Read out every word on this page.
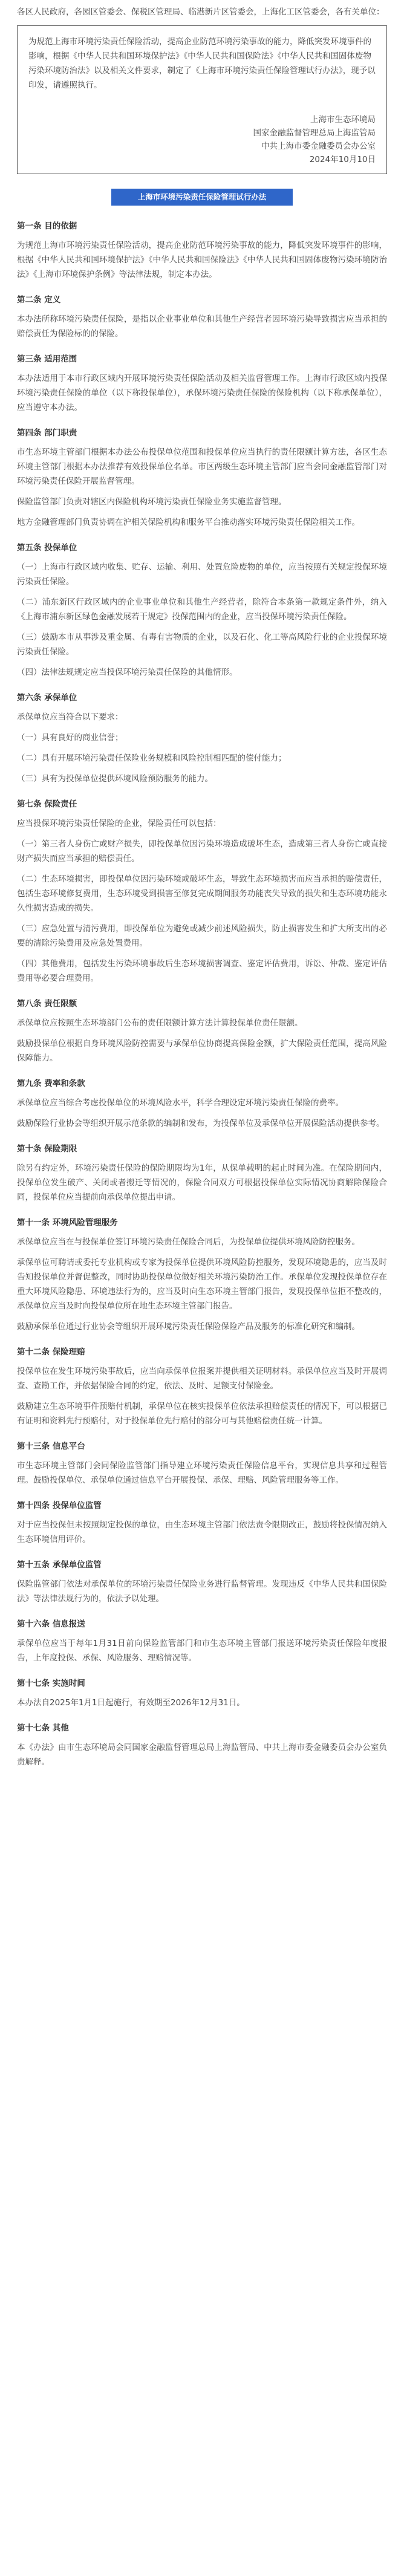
各区人民政府，各园区管委会、保税区管理局、临港新片区管委会，上海化工区管委会，各有关单位：

为规范上海市环境污染责任保险活动，提高企业防范环境污染事故的能力，降低突发环境事件的影响，根据《中华人民共和国环境保护法》《中华人民共和国保险法》《中华人民共和国固体废物污染环境防治法》以及相关文件要求，制定了《上海市环境污染责任保险管理试行办法》，现予以印发，请遵照执行。

上海市生态环境局
国家金融监督管理总局上海监管局
中共上海市委金融委员会办公室
2024年10月10日
上海市环境污染责任保险管理试行办法
第一条 目的依据

为规范上海市环境污染责任保险活动，提高企业防范环境污染事故的能力，降低突发环境事件的影响，根据《中华人民共和国环境保护法》《中华人民共和国保险法》《中华人民共和国固体废物污染环境防治法》《上海市环境保护条例》等法律法规，制定本办法。

第二条 定义

本办法所称环境污染责任保险，是指以企业事业单位和其他生产经营者因环境污染导致损害应当承担的赔偿责任为保险标的的保险。

第三条 适用范围

本办法适用于本市行政区域内开展环境污染责任保险活动及相关监督管理工作。上海市行政区域内投保环境污染责任保险的单位（以下称投保单位），承保环境污染责任保险的保险机构（以下称承保单位），应当遵守本办法。

第四条 部门职责

市生态环境主管部门根据本办法公布投保单位范围和投保单位应当执行的责任限额计算方法，各区生态环境主管部门根据本办法推荐有效投保单位名单。市区两级生态环境主管部门应当会同金融监管部门对环境污染责任保险开展监督管理。

保险监管部门负责对辖区内保险机构环境污染责任保险业务实施监督管理。

地方金融管理部门负责协调在沪相关保险机构和服务平台推动落实环境污染责任保险相关工作。

第五条 投保单位

（一）上海市行政区域内收集、贮存、运输、利用、处置危险废物的单位，应当按照有关规定投保环境污染责任保险。

（二）浦东新区行政区域内的企业事业单位和其他生产经营者，除符合本条第一款规定条件外，纳入《上海市浦东新区绿色金融发展若干规定》投保范围内的企业，应当投保环境污染责任保险。

（三）鼓励本市从事涉及重金属、有毒有害物质的企业，以及石化、化工等高风险行业的企业投保环境污染责任保险。

（四）法律法规规定应当投保环境污染责任保险的其他情形。

第六条 承保单位

承保单位应当符合以下要求：

（一）具有良好的商业信誉；

（二）具有开展环境污染责任保险业务规模和风险控制相匹配的偿付能力；

（三）具有为投保单位提供环境风险预防服务的能力。

第七条 保险责任

应当投保环境污染责任保险的企业，保险责任可以包括：

（一）第三者人身伤亡或财产损失，即投保单位因污染环境造成破坏生态，造成第三者人身伤亡或直接财产损失而应当承担的赔偿责任。

（二）生态环境损害，即投保单位因污染环境或破坏生态，导致生态环境损害而应当承担的赔偿责任，包括生态环境修复费用，生态环境受到损害至修复完成期间服务功能丧失导致的损失和生态环境功能永久性损害造成的损失。

（三）应急处置与清污费用，即投保单位为避免或减少前述风险损失，防止损害发生和扩大所支出的必要的清除污染费用及应急处置费用。

（四）其他费用，包括发生污染环境事故后生态环境损害调查、鉴定评估费用，诉讼、仲裁、鉴定评估费用等必要合理费用。

第八条 责任限额

承保单位应按照生态环境部门公布的责任限额计算方法计算投保单位责任限额。

鼓励投保单位根据自身环境风险防控需要与承保单位协商提高保险金额，扩大保险责任范围，提高风险保障能力。

第九条 费率和条款

承保单位应当综合考虑投保单位的环境风险水平，科学合理设定环境污染责任保险的费率。

鼓励保险行业协会等组织开展示范条款的编制和发布，为投保单位及承保单位开展保险活动提供参考。

第十条 保险期限

除另有约定外，环境污染责任保险的保险期限均为1年，从保单载明的起止时间为准。在保险期间内，投保单位发生破产、关闭或者搬迁等情况的，保险合同双方可根据投保单位实际情况协商解除保险合同，投保单位应当提前向承保单位提出申请。

第十一条 环境风险管理服务

承保单位应当在与投保单位签订环境污染责任保险合同后，为投保单位提供环境风险防控服务。

承保单位可聘请或委托专业机构或专家为投保单位提供环境风险防控服务，发现环境隐患的，应当及时告知投保单位并督促整改，同时协助投保单位做好相关环境污染防治工作。承保单位发现投保单位存在重大环境风险隐患、环境违法行为的，应当及时向生态环境主管部门报告，发现投保单位拒不整改的，承保单位应当及时向投保单位所在地生态环境主管部门报告。

鼓励承保单位通过行业协会等组织开展环境污染责任保险保险产品及服务的标准化研究和编制。

第十二条 保险理赔

投保单位在发生环境污染事故后，应当向承保单位报案并提供相关证明材料。承保单位应当及时开展调查、查勘工作，并依据保险合同的约定，依法、及时、足额支付保险金。

鼓励建立生态环境事件预赔付机制，承保单位在核实投保单位依法承担赔偿责任的情况下，可以根据已有证明和资料先行预赔付，对于投保单位先行赔付的部分可与其他赔偿责任统一计算。

第十三条 信息平台

市生态环境主管部门会同保险监管部门指导建立环境污染责任保险信息平台，实现信息共享和过程管理。鼓励投保单位、承保单位通过信息平台开展投保、承保、理赔、风险管理服务等工作。

第十四条 投保单位监管

对于应当投保但未按照规定投保的单位，由生态环境主管部门依法责令限期改正，鼓励将投保情况纳入生态环境信用评价。

第十五条 承保单位监管

保险监管部门依法对承保单位的环境污染责任保险业务进行监督管理。发现违反《中华人民共和国保险法》等法律法规行为的，依法予以处理。

第十六条 信息报送

承保单位应当于每年1月31日前向保险监管部门和市生态环境主管部门报送环境污染责任保险年度报告，上年度投保、承保、风险服务、理赔情况等。

第十七条 实施时间

本办法自2025年1月1日起施行，有效期至2026年12月31日。

第十七条 其他

本《办法》由市生态环境局会同国家金融监督管理总局上海监管局、中共上海市委金融委员会办公室负责解释。
